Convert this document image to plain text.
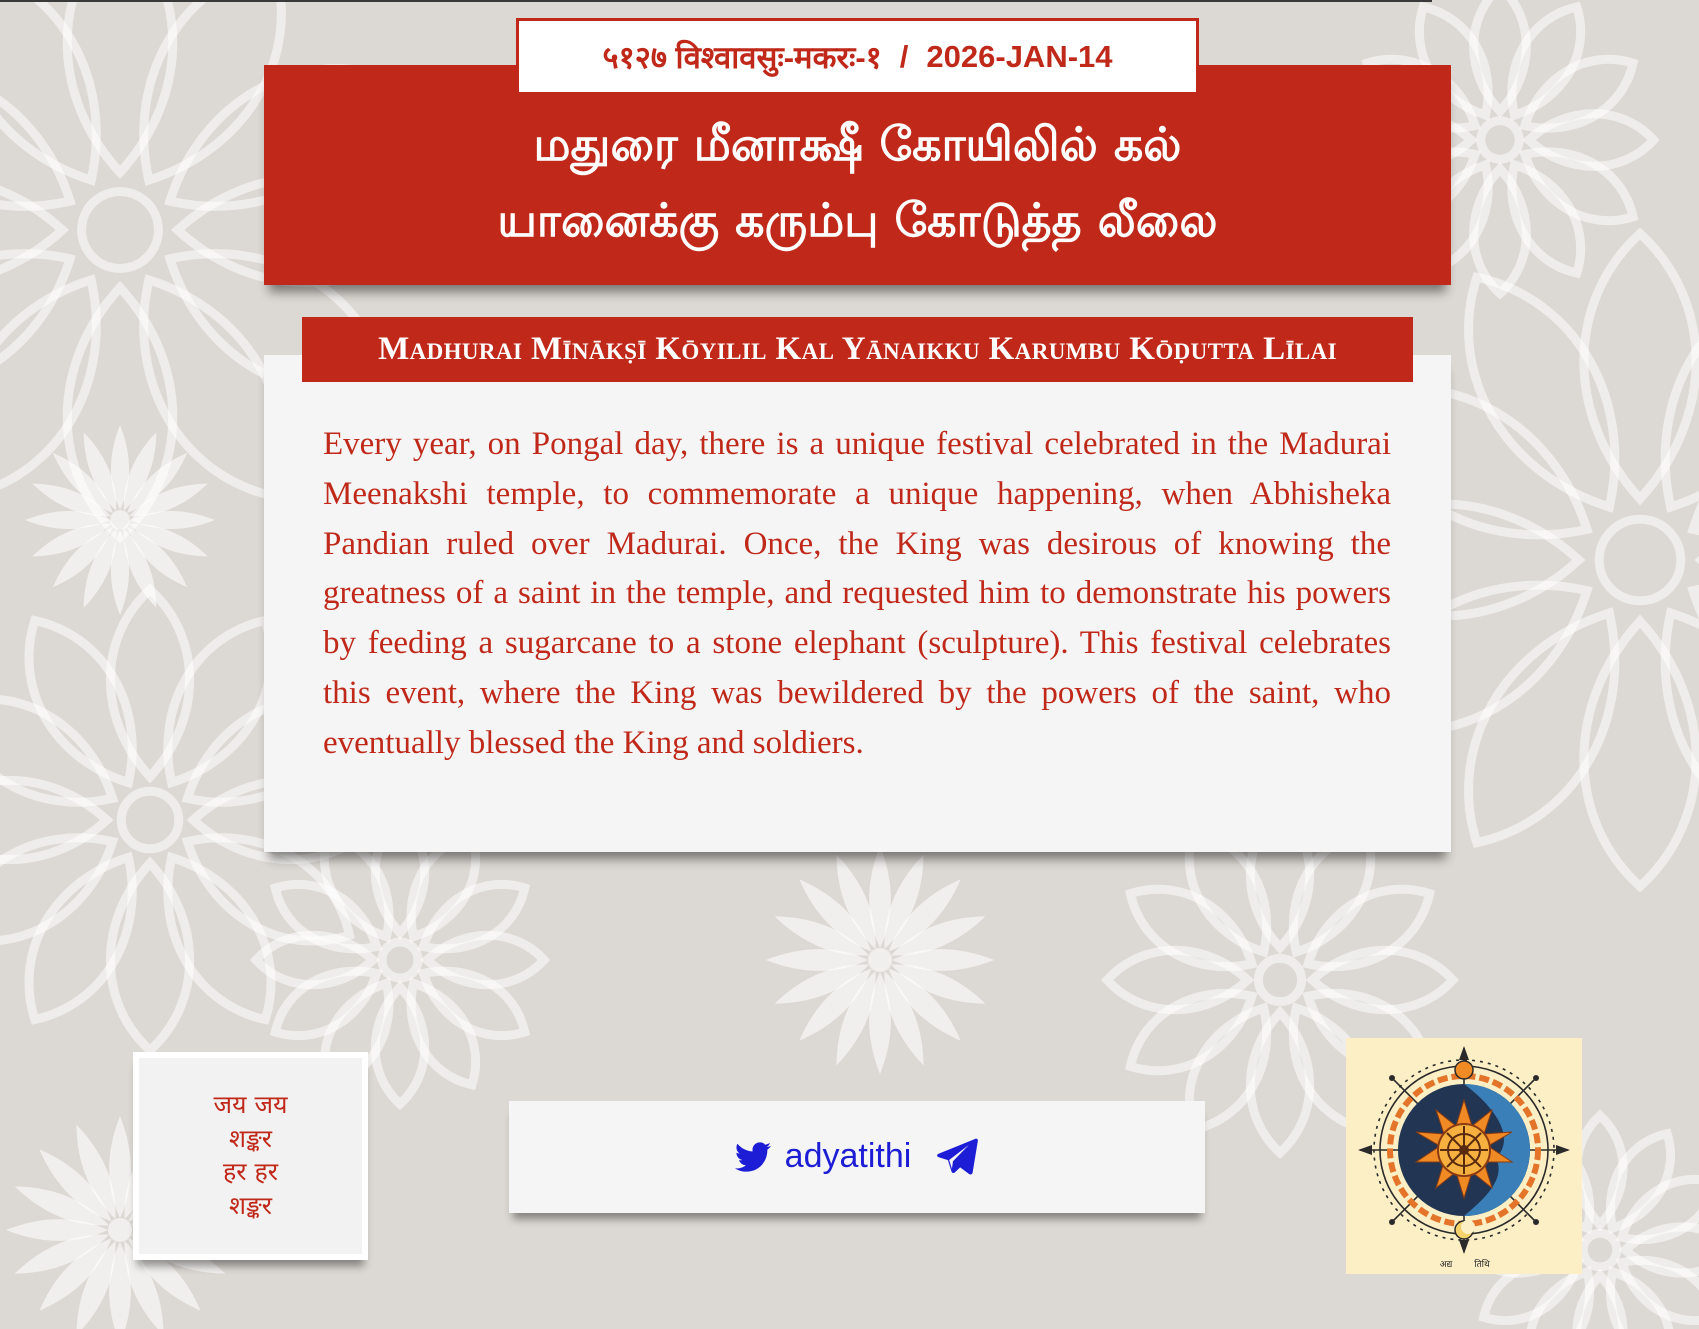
மதுரை மீனாக்ஷீ கோயிலில் கல்
யானைக்கு கரும்பு கோடுத்த லீலை
५१२७ विश्वावसुः-मकरः-१ / 2026-JAN-14

Every year, on Pongal day, there is a unique festival celebrated in the Madurai Meenakshi temple, to commemorate a unique happening, when Abhisheka Pandian ruled over Madurai. Once, the King was desirous of knowing the greatness of a saint in the temple, and requested him to demonstrate his powers by feeding a sugarcane to a stone elephant (sculpture). This festival celebrates this event, where the King was bewildered by the powers of the saint, who eventually blessed the King and soldiers.

Madhurai Mīnākṣī Kōyilil Kal Yānaikku Karumbu Kōḍutta Līlai
जय जय
शङ्कर
हर हर
शङ्कर
adyatithi
अद्य तिथि
